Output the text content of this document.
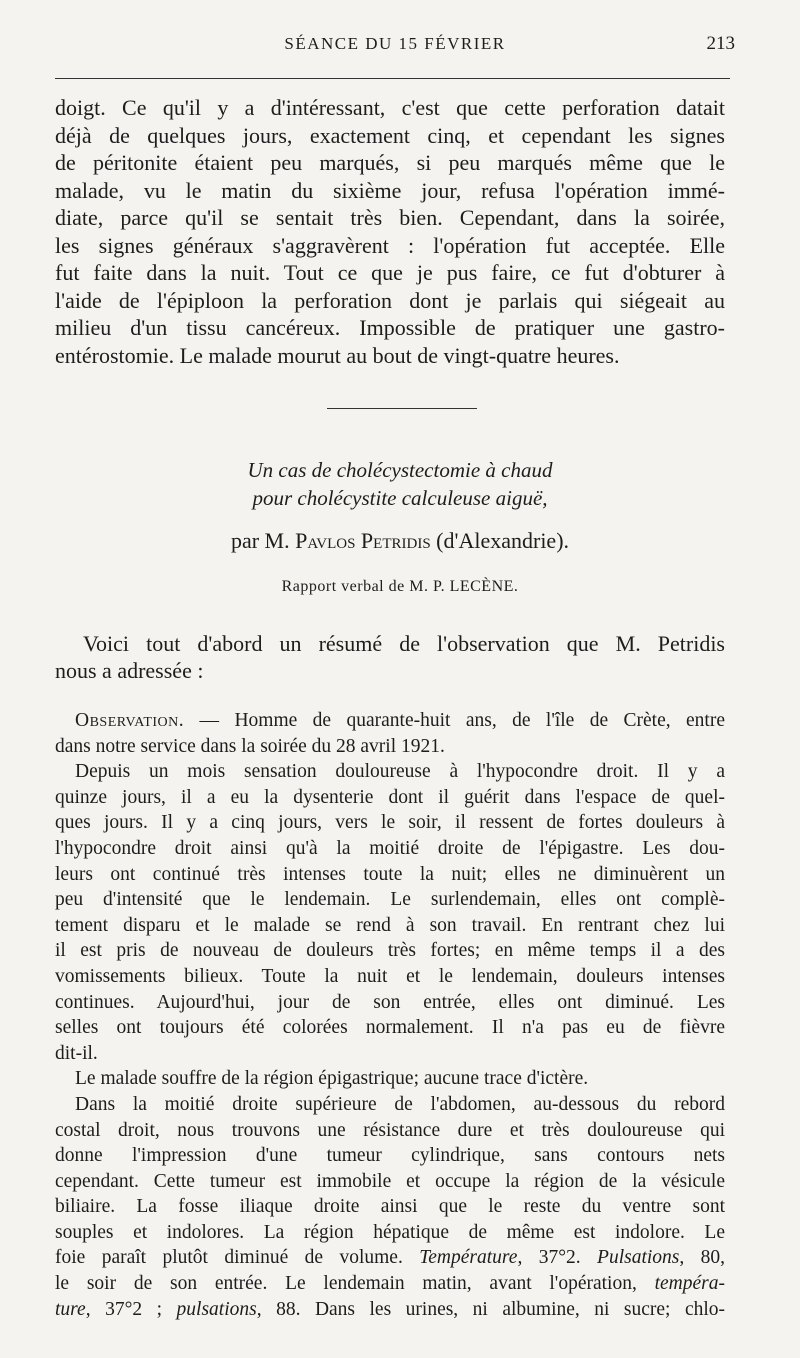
SÉANCE DU 15 FÉVRIER	213

doigt. Ce qu'il y a d'intéressant, c'est que cette perforation datait
déjà de quelques jours, exactement cinq, et cependant les signes
de péritonite étaient peu marqués, si peu marqués même que le
malade, vu le matin du sixième jour, refusa l'opération immé-
diate, parce qu'il se sentait très bien. Cependant, dans la soirée,
les signes généraux s'aggravèrent : l'opération fut acceptée. Elle
fut faite dans la nuit. Tout ce que je pus faire, ce fut d'obturer à
l'aide de l'épiploon la perforation dont je parlais qui siégeait au
milieu d'un tissu cancéreux. Impossible de pratiquer une gastro-
entérostomie. Le malade mourut au bout de vingt-quatre heures.

Un cas de cholécystectomie à chaud
pour cholécystite calculeuse aiguë,
par M. Pavlos Petridis (d'Alexandrie).
Rapport verbal de M. P. LECÈNE.

Voici tout d'abord un résumé de l'observation que M. Petridis
nous a adressée :

Observation. — Homme de quarante-huit ans, de l'île de Crète, entre
dans notre service dans la soirée du 28 avril 1921.
Depuis un mois sensation douloureuse à l'hypocondre droit. Il y a
quinze jours, il a eu la dysenterie dont il guérit dans l'espace de quel-
ques jours. Il y a cinq jours, vers le soir, il ressent de fortes douleurs à
l'hypocondre droit ainsi qu'à la moitié droite de l'épigastre. Les dou-
leurs ont continué très intenses toute la nuit; elles ne diminuèrent un
peu d'intensité que le lendemain. Le surlendemain, elles ont complè-
tement disparu et le malade se rend à son travail. En rentrant chez lui
il est pris de nouveau de douleurs très fortes; en même temps il a des
vomissements bilieux. Toute la nuit et le lendemain, douleurs intenses
continues. Aujourd'hui, jour de son entrée, elles ont diminué. Les
selles ont toujours été colorées normalement. Il n'a pas eu de fièvre
dit-il.
Le malade souffre de la région épigastrique; aucune trace d'ictère.
Dans la moitié droite supérieure de l'abdomen, au-dessous du rebord
costal droit, nous trouvons une résistance dure et très douloureuse qui
donne l'impression d'une tumeur cylindrique, sans contours nets
cependant. Cette tumeur est immobile et occupe la région de la vésicule
biliaire. La fosse iliaque droite ainsi que le reste du ventre sont
souples et indolores. La région hépatique de même est indolore. Le
foie paraît plutôt diminué de volume. Température, 37°2. Pulsations, 80,
le soir de son entrée. Le lendemain matin, avant l'opération, tempéra-
ture, 37°2 ; pulsations, 88. Dans les urines, ni albumine, ni sucre; chlo-
